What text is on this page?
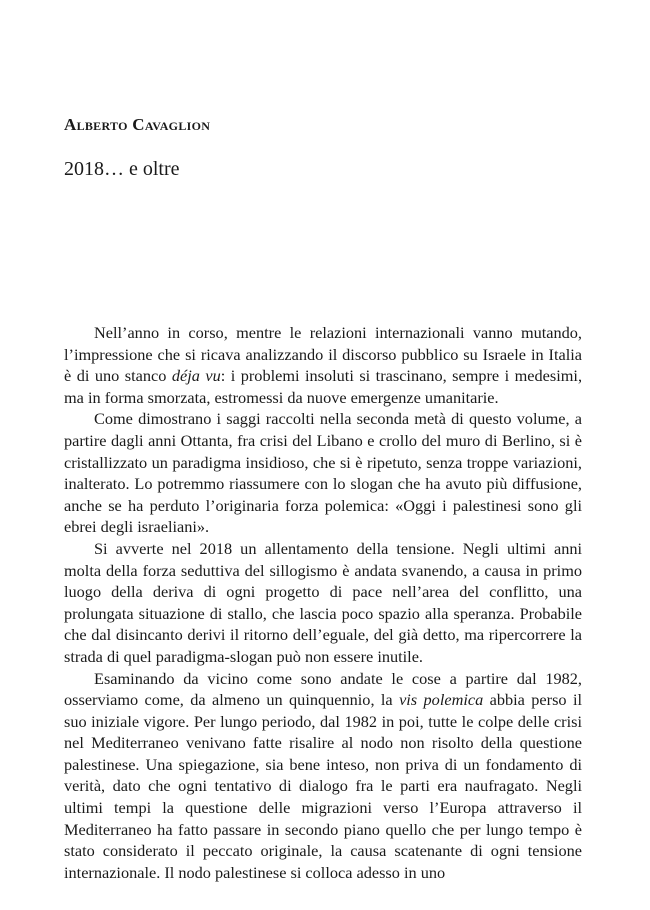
Alberto Cavaglion
2018… e oltre

Nell’anno in corso, mentre le relazioni internazionali vanno mutando, l’impressione che si ricava analizzando il discorso pubblico su Israele in Italia è di uno stanco déja vu: i problemi insoluti si trascinano, sempre i medesimi, ma in forma smorzata, estromessi da nuove emergenze umanitarie.

Come dimostrano i saggi raccolti nella seconda metà di questo volume, a partire dagli anni Ottanta, fra crisi del Libano e crollo del muro di Berlino, si è cristallizzato un paradigma insidioso, che si è ripetuto, senza troppe variazioni, inalterato. Lo potremmo riassumere con lo slogan che ha avuto più diffusione, anche se ha perduto l’originaria forza polemica: «Oggi i palestinesi sono gli ebrei degli israeliani».

Si avverte nel 2018 un allentamento della tensione. Negli ultimi anni molta della forza seduttiva del sillogismo è andata svanendo, a causa in primo luogo della deriva di ogni progetto di pace nell’area del conflitto, una prolungata situazione di stallo, che lascia poco spazio alla speranza. Probabile che dal disincanto derivi il ritorno dell’eguale, del già detto, ma ripercorrere la strada di quel paradigma-slogan può non essere inutile.

Esaminando da vicino come sono andate le cose a partire dal 1982, osserviamo come, da almeno un quinquennio, la vis polemica abbia perso il suo iniziale vigore. Per lungo periodo, dal 1982 in poi, tutte le colpe delle crisi nel Mediterraneo venivano fatte risalire al nodo non risolto della questione palestinese. Una spiegazione, sia bene inteso, non priva di un fondamento di verità, dato che ogni tentativo di dialogo fra le parti era naufragato. Negli ultimi tempi la questione delle migrazioni verso l’Europa attraverso il Mediterraneo ha fatto passare in secondo piano quello che per lungo tempo è stato considerato il peccato originale, la causa scatenante di ogni tensione internazionale. Il nodo palestinese si colloca adesso in uno
